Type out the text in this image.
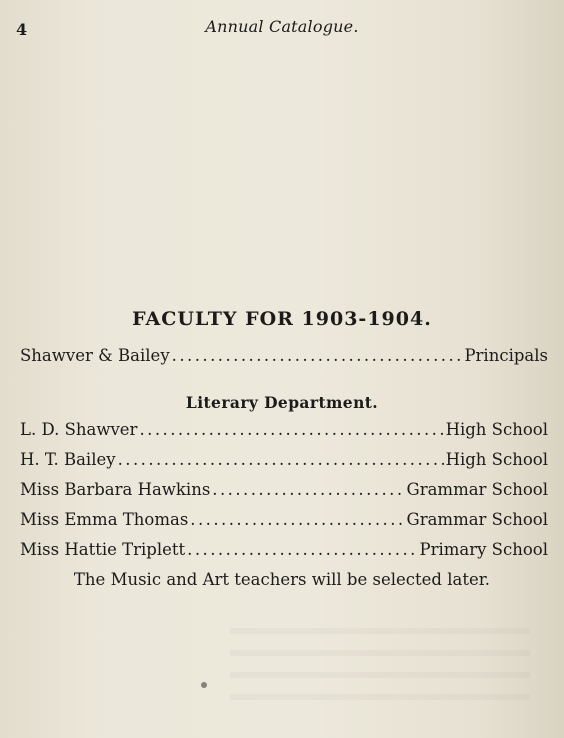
4	Annual Catalogue.
FACULTY FOR 1903-1904.
Shawver & Bailey . . .	Principals
Literary Department.
L. D. Shawver . . .	High School
H. T. Bailey . . .	High School
Miss Barbara Hawkins . . .	Grammar School
Miss Emma Thomas . . .	Grammar School
Miss Hattie Triplett . . .	Primary School
The Music and Art teachers will be selected later.
